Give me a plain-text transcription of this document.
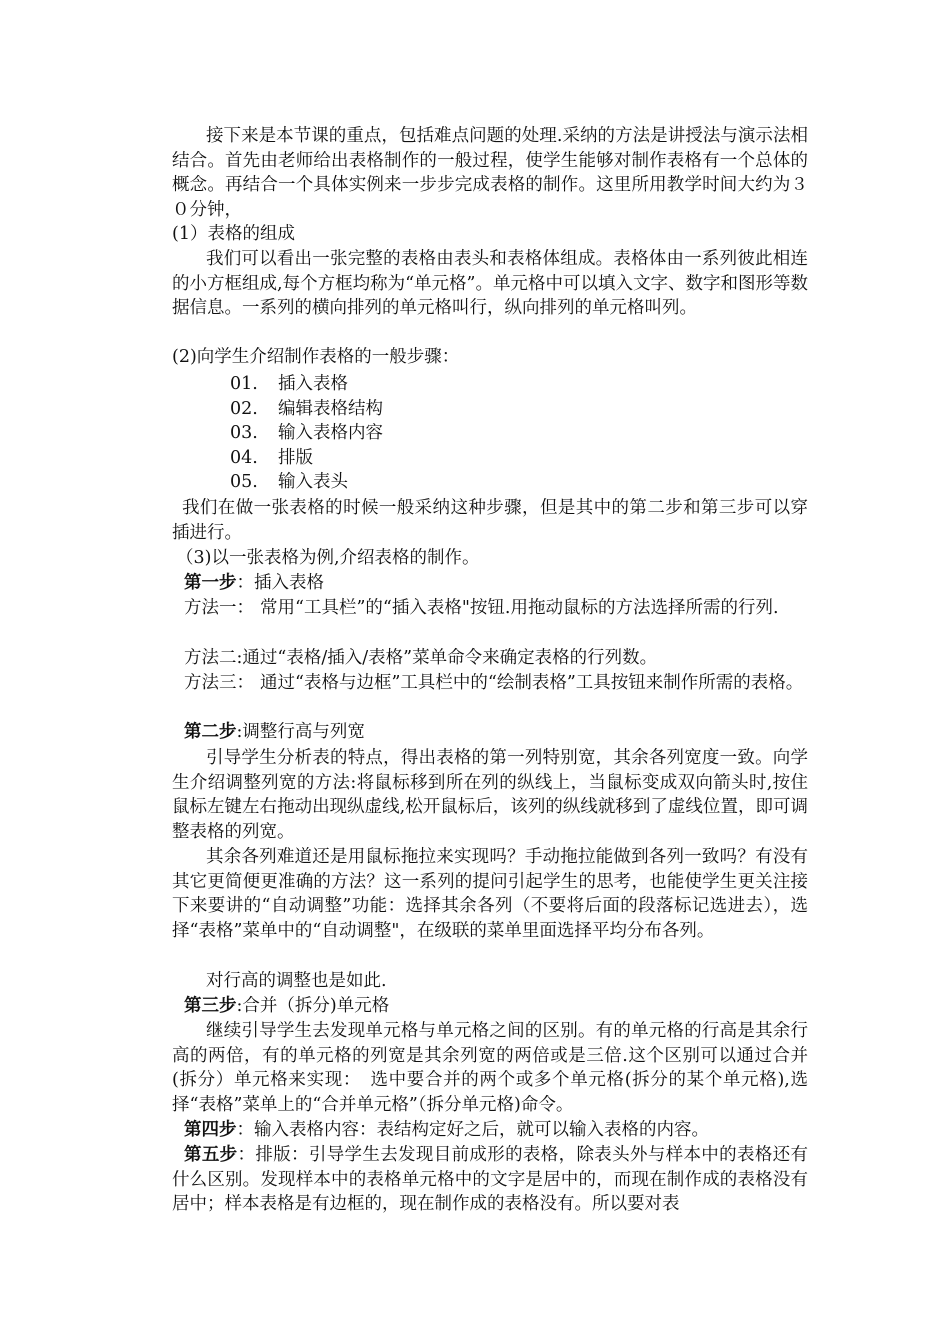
接下来是本节课的重点，包括难点问题的处理.采纳的方法是讲授法与演示法相结合。首先由老师给出表格制作的一般过程，使学生能够对制作表格有一个总体的概念。再结合一个具体实例来一步步完成表格的制作。这里所用教学时间大约为３０分钟，

(1）表格的组成

我们可以看出一张完整的表格由表头和表格体组成。表格体由一系列彼此相连的小方框组成,每个方框均称为“单元格”。单元格中可以填入文字、数字和图形等数据信息。一系列的横向排列的单元格叫行，纵向排列的单元格叫列。

(2)向学生介绍制作表格的一般步骤：

01. 插入表格
02. 编辑表格结构
03. 输入表格内容
04. 排版
05. 输入表头

我们在做一张表格的时候一般采纳这种步骤，但是其中的第二步和第三步可以穿插进行。

（3)以一张表格为例,介绍表格的制作。

第一步：插入表格

方法一： 常用“工具栏”的“插入表格"按钮.用拖动鼠标的方法选择所需的行列.
方法二:通过“表格/插入/表格”菜单命令来确定表格的行列数。
方法三： 通过“表格与边框”工具栏中的“绘制表格”工具按钮来制作所需的表格。

第二步:调整行高与列宽

引导学生分析表的特点，得出表格的第一列特别宽，其余各列宽度一致。向学生介绍调整列宽的方法:将鼠标移到所在列的纵线上，当鼠标变成双向箭头时,按住鼠标左键左右拖动出现纵虚线,松开鼠标后，该列的纵线就移到了虚线位置，即可调整表格的列宽。

其余各列难道还是用鼠标拖拉来实现吗？手动拖拉能做到各列一致吗？有没有其它更简便更准确的方法？这一系列的提问引起学生的思考，也能使学生更关注接下来要讲的“自动调整”功能：选择其余各列（不要将后面的段落标记选进去），选择“表格”菜单中的“自动调整"，在级联的菜单里面选择平均分布各列。

对行高的调整也是如此.

第三步:合并（拆分)单元格

继续引导学生去发现单元格与单元格之间的区别。有的单元格的行高是其余行高的两倍，有的单元格的列宽是其余列宽的两倍或是三倍.这个区别可以通过合并(拆分）单元格来实现：　选中要合并的两个或多个单元格(拆分的某个单元格),选择“表格”菜单上的“合并单元格”（拆分单元格)命令。

第四步：输入表格内容：表结构定好之后，就可以输入表格的内容。

第五步：排版：引导学生去发现目前成形的表格，除表头外与样本中的表格还有什么区别。发现样本中的表格单元格中的文字是居中的，而现在制作成的表格没有居中；样本表格是有边框的，现在制作成的表格没有。所以要对表
